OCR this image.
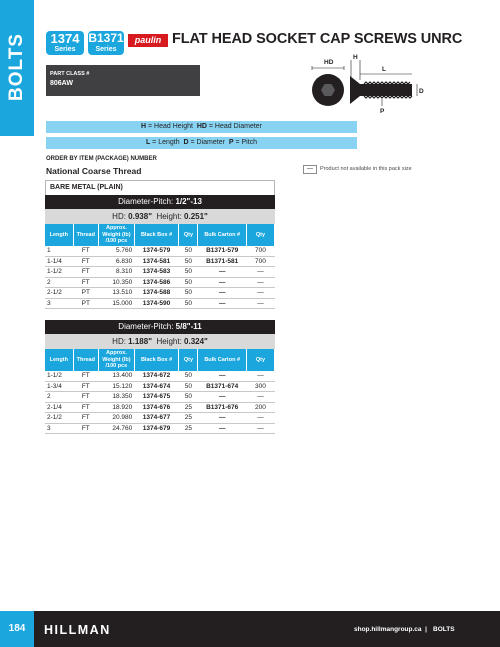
BOLTS	1374
Series
B1371
Series
paulin FLAT HEAD SOCKET CAP SCREWS UNRC
PART CLASS #
806AW
HD
H
L
D
P
H = Head Height HD = Head Diameter
L = Length D = Diameter P = Pitch
ORDER BY ITEM (PACKAGE) NUMBER
National Coarse Thread	—	Product not available in this pack size
BARE METAL (PLAIN)
Diameter-Pitch: 1/2"-13
HD: 0.938" Height: 0.251"
Length	Thread	Approx. Weight (lb) /100 pcs	Black Box #	Qty	Bulk Carton #	Qty
1	FT	5.760	1374-579	50	B1371-579	700
1-1/4	FT	6.830	1374-581	50	B1371-581	700
1-1/2	FT	8.310	1374-583	50	—	—
2	FT	10.350	1374-586	50	—	—
2-1/2	PT	13.510	1374-588	50	—	—
3	PT	15.000	1374-590	50	—	—
Diameter-Pitch: 5/8"-11
HD: 1.188" Height: 0.324"
Length	Thread	Approx. Weight (lb) /100 pcs	Black Box #	Qty	Bulk Carton #	Qty
1-1/2	FT	13.400	1374-672	50	—	—
1-3/4	FT	15.120	1374-674	50	B1371-674	300
2	FT	18.350	1374-675	50	—	—
2-1/4	FT	18.920	1374-676	25	B1371-676	200
2-1/2	FT	20.980	1374-677	25	—	—
3	FT	24.760	1374-679	25	—	—
184	HILLMAN	shop.hillmangroup.ca | BOLTS
